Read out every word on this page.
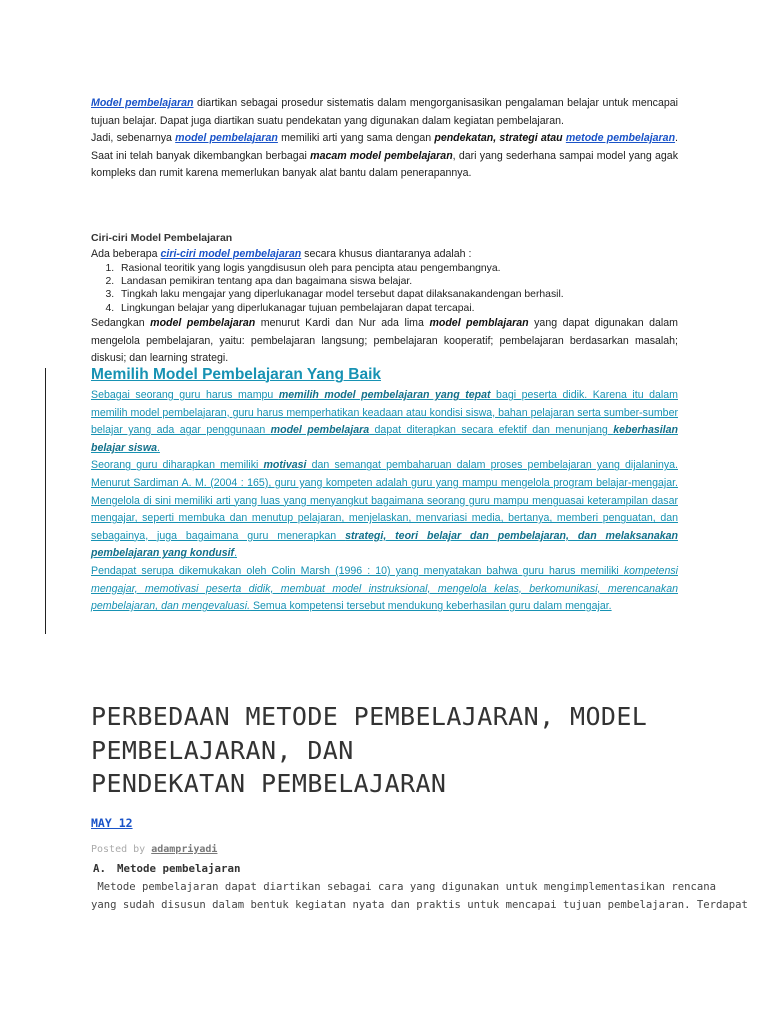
Model pembelajaran diartikan sebagai prosedur sistematis dalam mengorganisasikan pengalaman belajar untuk mencapai tujuan belajar. Dapat juga diartikan suatu pendekatan yang digunakan dalam kegiatan pembelajaran.

Jadi, sebenarnya model pembelajaran memiliki arti yang sama dengan pendekatan, strategi atau metode pembelajaran. Saat ini telah banyak dikembangkan berbagai macam model pembelajaran, dari yang sederhana sampai model yang agak kompleks dan rumit karena memerlukan banyak alat bantu dalam penerapannya.

Ciri-ciri Model Pembelajaran

Ada beberapa ciri-ciri model pembelajaran secara khusus diantaranya adalah :

1. Rasional teoritik yang logis yangdisusun oleh para pencipta atau pengembangnya.
2. Landasan pemikiran tentang apa dan bagaimana siswa belajar.
3. Tingkah laku mengajar yang diperlukanagar model tersebut dapat dilaksanakandengan berhasil.
4. Lingkungan belajar yang diperlukanagar tujuan pembelajaran dapat tercapai.

Sedangkan model pembelajaran menurut Kardi dan Nur ada lima model pemblajaran yang dapat digunakan dalam mengelola pembelajaran, yaitu: pembelajaran langsung; pembelajaran kooperatif; pembelajaran berdasarkan masalah; diskusi; dan learning strategi.

Memilih Model Pembelajaran Yang Baik

Sebagai seorang guru harus mampu memilih model pembelajaran yang tepat bagi peserta didik. Karena itu dalam memilih model pembelajaran, guru harus memperhatikan keadaan atau kondisi siswa, bahan pelajaran serta sumber-sumber belajar yang ada agar penggunaan model pembelajara dapat diterapkan secara efektif dan menunjang keberhasilan belajar siswa.

Seorang guru diharapkan memiliki motivasi dan semangat pembaharuan dalam proses pembelajaran yang dijalaninya. Menurut Sardiman A. M. (2004 : 165), guru yang kompeten adalah guru yang mampu mengelola program belajar-mengajar. Mengelola di sini memiliki arti yang luas yang menyangkut bagaimana seorang guru mampu menguasai keterampilan dasar mengajar, seperti membuka dan menutup pelajaran, menjelaskan, menvariasi media, bertanya, memberi penguatan, dan sebagainya, juga bagaimana guru menerapkan strategi, teori belajar dan pembelajaran, dan melaksanakan pembelajaran yang kondusif.

Pendapat serupa dikemukakan oleh Colin Marsh (1996 : 10) yang menyatakan bahwa guru harus memiliki kompetensi mengajar, memotivasi peserta didik, membuat model instruksional, mengelola kelas, berkomunikasi, merencanakan pembelajaran, dan mengevaluasi. Semua kompetensi tersebut mendukung keberhasilan guru dalam mengajar.

PERBEDAAN METODE PEMBELAJARAN, MODEL
PEMBELAJARAN, DAN
PENDEKATAN PEMBELAJARAN
MAY 12
Posted by adampriyadi
A. Metode pembelajaran
Metode pembelajaran dapat diartikan sebagai cara yang digunakan untuk mengimplementasikan rencana
yang sudah disusun dalam bentuk kegiatan nyata dan praktis untuk mencapai tujuan pembelajaran. Terdapat
